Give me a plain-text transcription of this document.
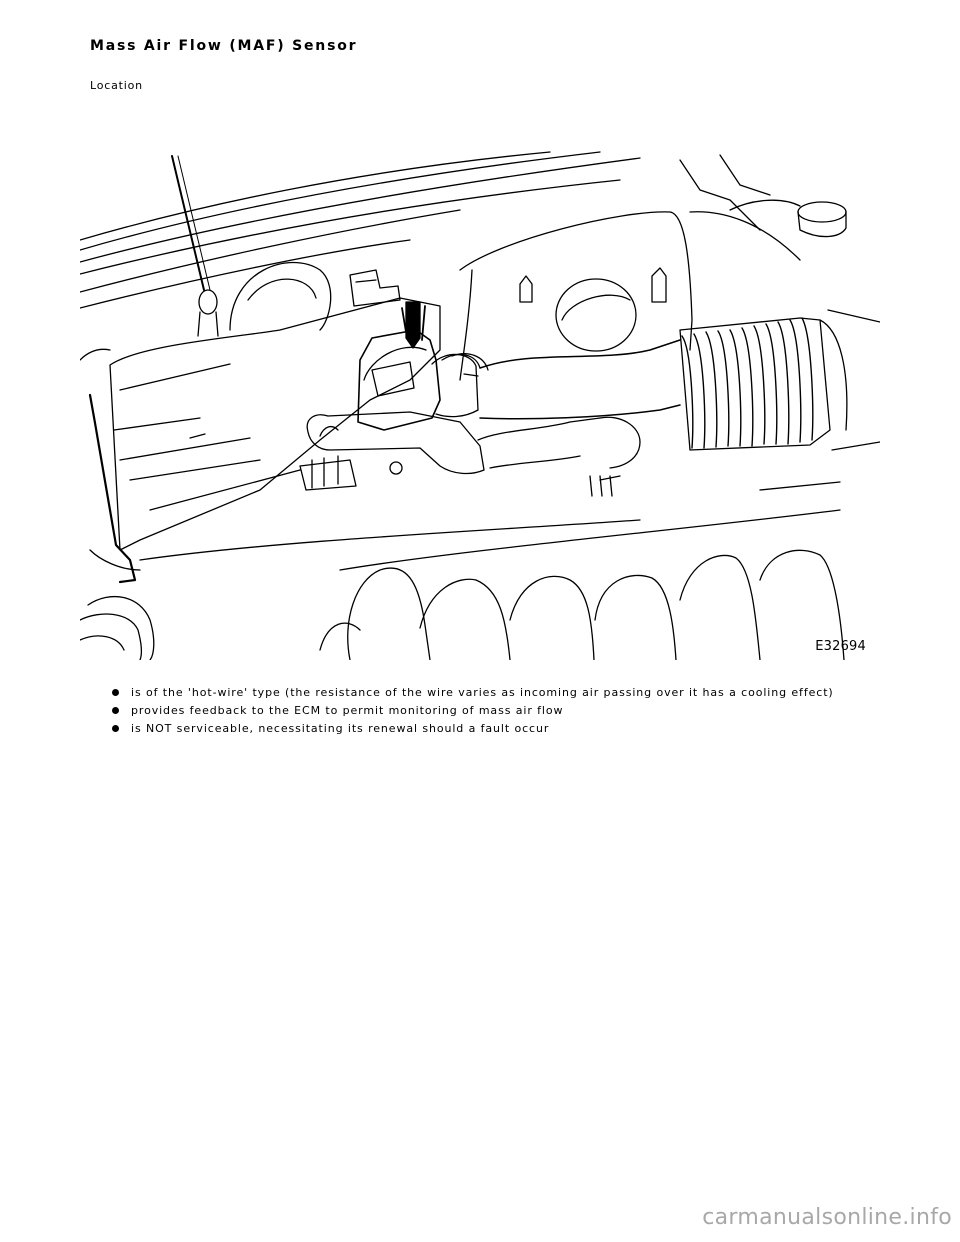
Mass Air Flow (MAF) Sensor
Location
E32694
is of the 'hot-wire' type (the resistance of the wire varies as incoming air passing over it has a cooling effect)
provides feedback to the ECM to permit monitoring of mass air flow
is NOT serviceable, necessitating its renewal should a fault occur
carmanualsonline.info
